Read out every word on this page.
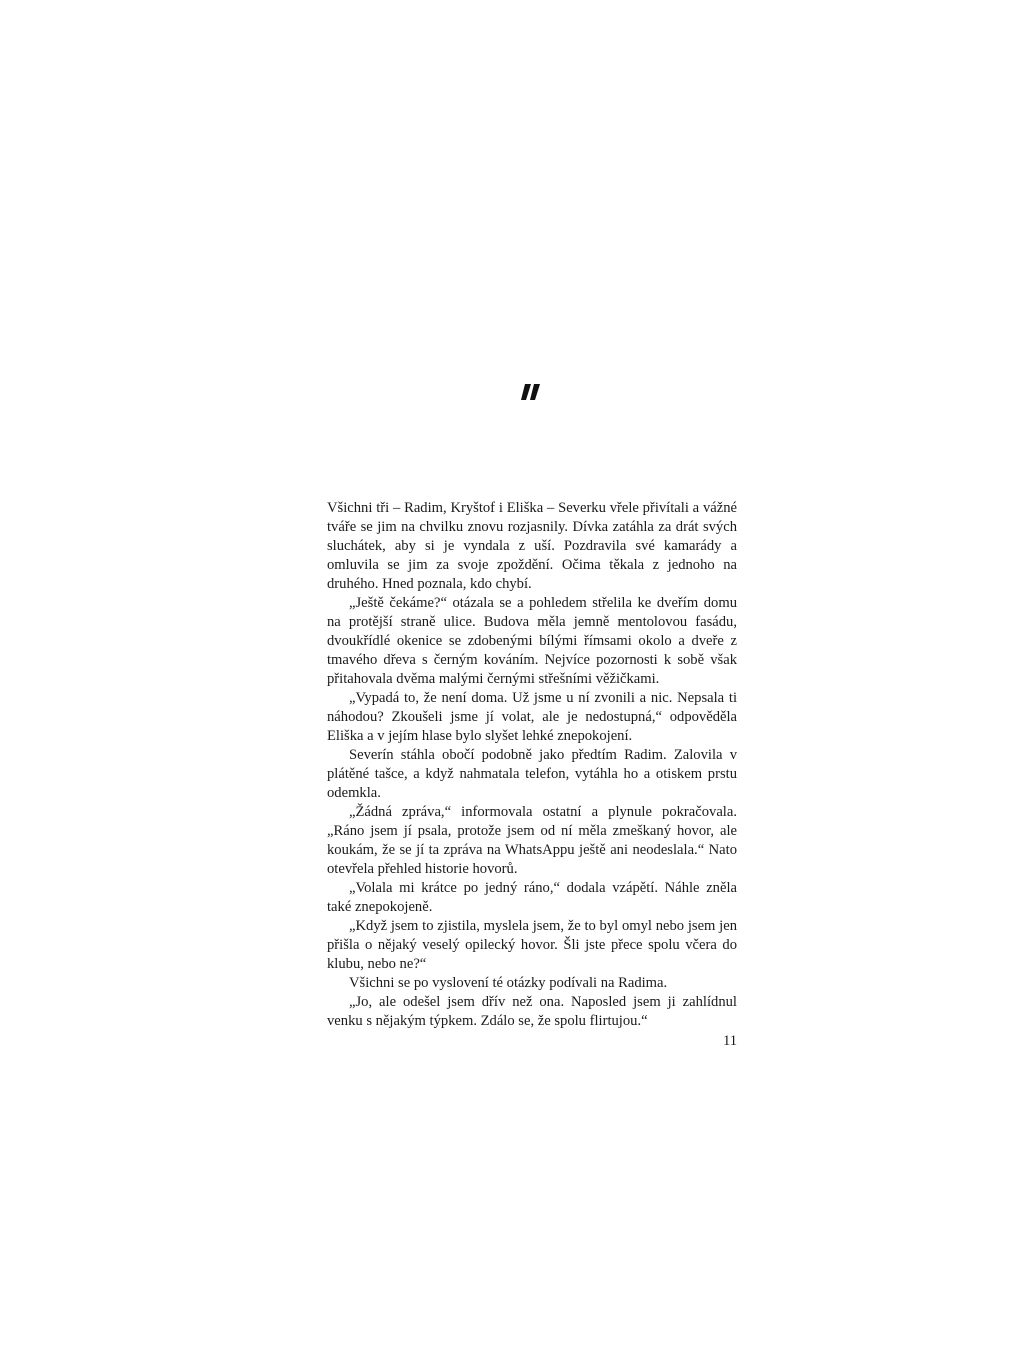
1

Všichni tři – Radim, Kryštof i Eliška – Severku vřele přivítali a vážné tváře se jim na chvilku znovu rozjasnily. Dívka zatáhla za drát svých sluchátek, aby si je vyndala z uší. Pozdravila své kamarády a omluvila se jim za svoje zpoždění. Očima těkala z jednoho na druhého. Hned poznala, kdo chybí.

„Ještě čekáme?“ otázala se a pohledem střelila ke dveřím domu na protější straně ulice. Budova měla jemně mentolovou fasádu, dvoukřídlé okenice se zdobenými bílými římsami okolo a dveře z tmavého dřeva s černým kováním. Nejvíce pozornosti k sobě však přitahovala dvěma malými černými střešními věžičkami.

„Vypadá to, že není doma. Už jsme u ní zvonili a nic. Nepsala ti náhodou? Zkoušeli jsme jí volat, ale je nedostupná,“ odpověděla Eliška a v jejím hlase bylo slyšet lehké znepokojení.

Severín stáhla obočí podobně jako předtím Radim. Zalovila v plátěné tašce, a když nahmatala telefon, vytáhla ho a otiskem prstu odemkla.

„Žádná zpráva,“ informovala ostatní a plynule pokračovala. „Ráno jsem jí psala, protože jsem od ní měla zmeškaný hovor, ale koukám, že se jí ta zpráva na WhatsAppu ještě ani neodeslala.“ Nato otevřela přehled historie hovorů.

„Volala mi krátce po jedný ráno,“ dodala vzápětí. Náhle zněla také znepokojeně.

„Když jsem to zjistila, myslela jsem, že to byl omyl nebo jsem jen přišla o nějaký veselý opilecký hovor. Šli jste přece spolu včera do klubu, nebo ne?“

Všichni se po vyslovení té otázky podívali na Radima.

„Jo, ale odešel jsem dřív než ona. Naposled jsem ji zahlídnul venku s nějakým týpkem. Zdálo se, že spolu flirtujou.“

11
